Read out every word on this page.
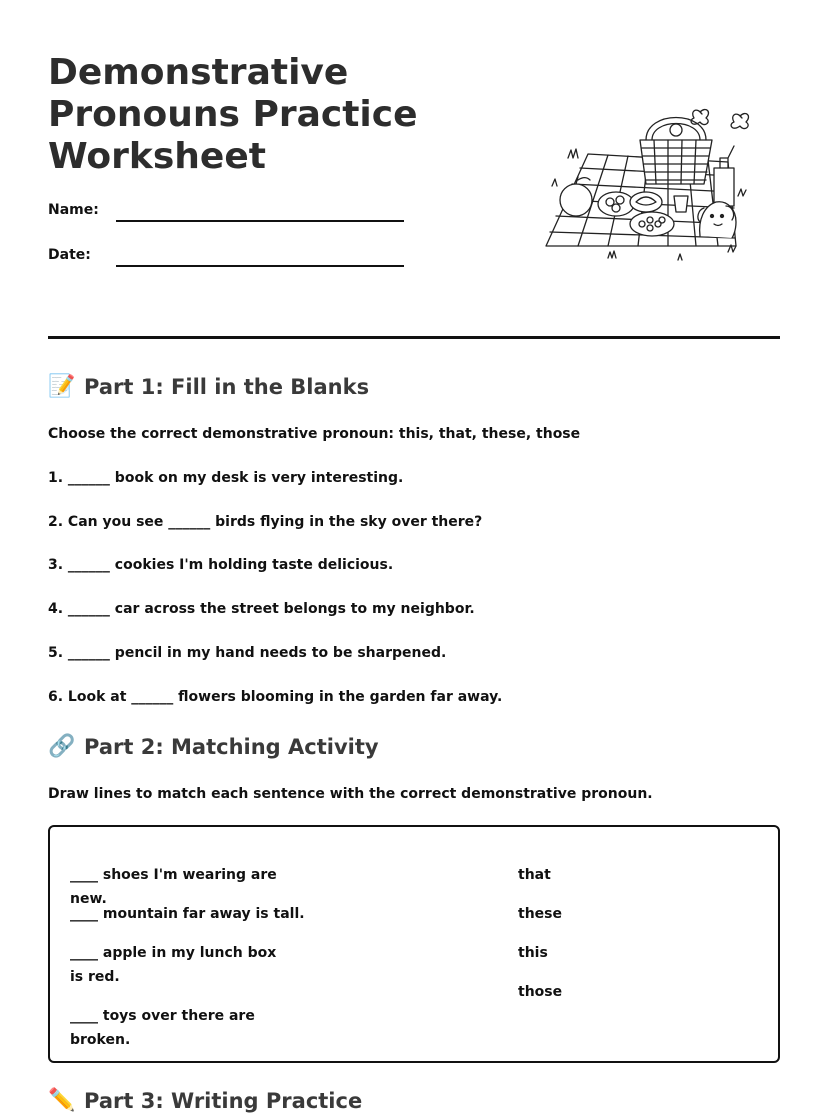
Demonstrative Pronouns Practice Worksheet
Name:
Date:
📝 Part 1: Fill in the Blanks
Choose the correct demonstrative pronoun: this, that, these, those
1. ______ book on my desk is very interesting.
2. Can you see ______ birds flying in the sky over there?
3. ______ cookies I'm holding taste delicious.
4. ______ car across the street belongs to my neighbor.
5. ______ pencil in my hand needs to be sharpened.
6. Look at ______ flowers blooming in the garden far away.
🔗 Part 2: Matching Activity
Draw lines to match each sentence with the correct demonstrative pronoun.
____ shoes I'm wearing are new.
____ mountain far away is tall.
____ apple in my lunch box is red.
____ toys over there are broken.
that
these
this
those
✏️ Part 3: Writing Practice
